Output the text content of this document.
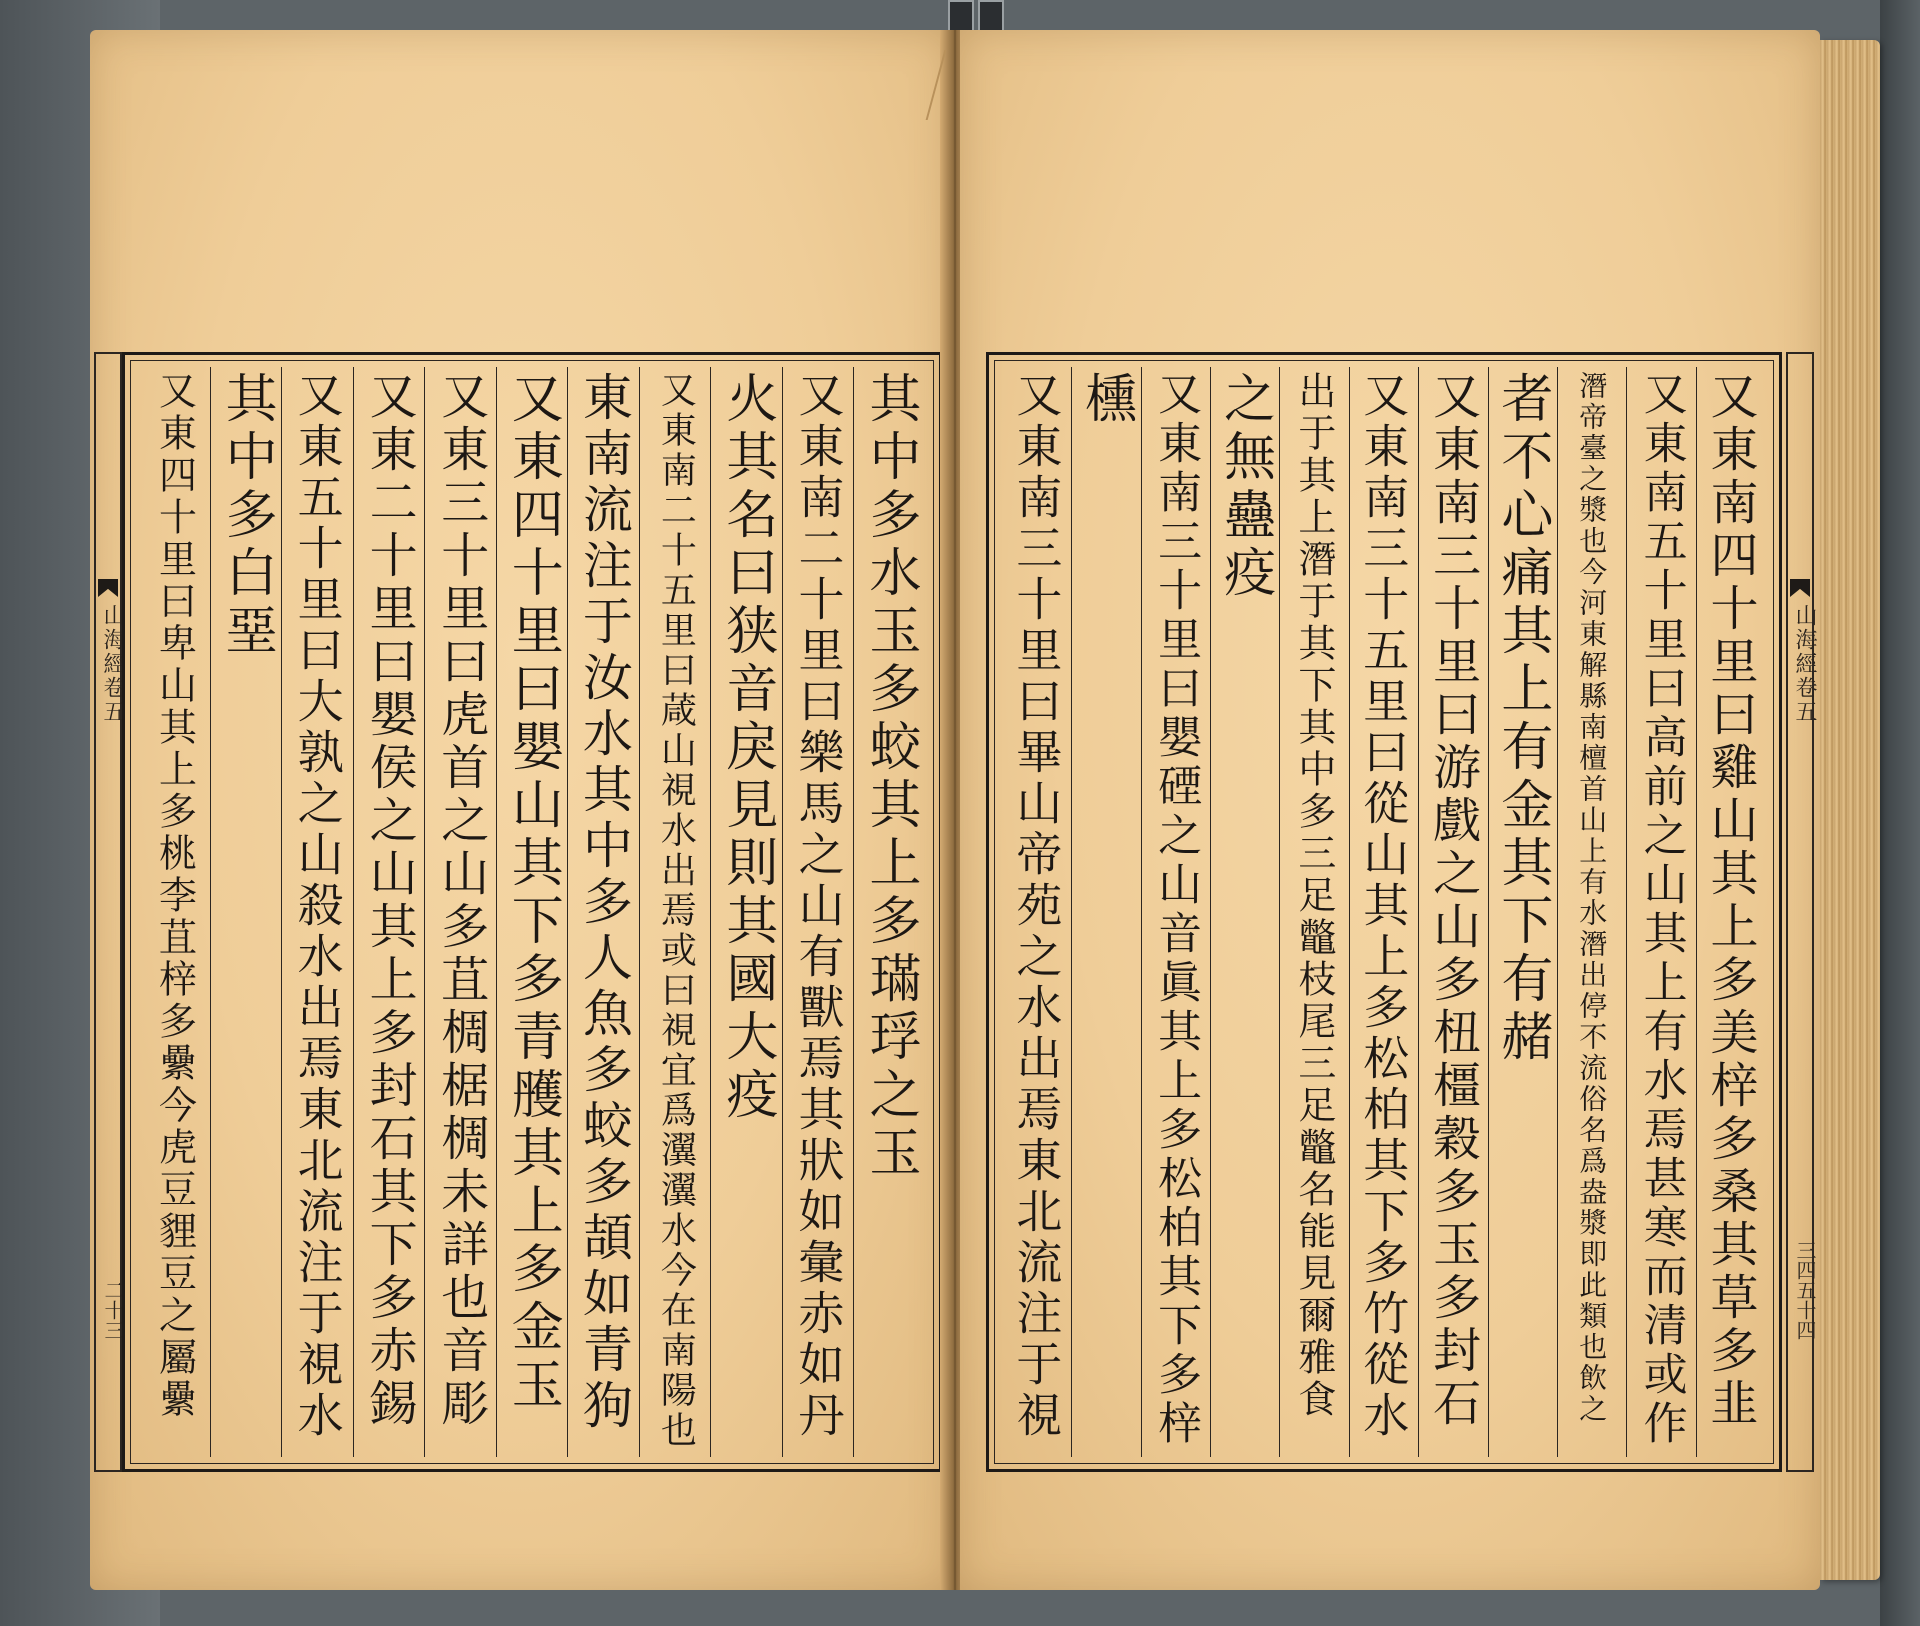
山海經卷五
二十三
其中多水玉多蛟其上多璊琈之玉
又東南二十里曰樂馬之山有獸焉其狀如彙赤如丹
火其名曰狭音戾見則其國大疫
又東南二十五里曰葴山視水出焉或曰視宜爲瀷瀷水今在南陽也
東南流注于汝水其中多人魚多蛟多頡如青狗
又東四十里曰嬰山其下多青雘其上多金玉
又東三十里曰虎首之山多苴椆椐椆未詳也音彫
又東二十里曰嬰侯之山其上多封石其下多赤錫
又東五十里曰大孰之山殺水出焉東北流注于視水
其中多白堊
又東四十里曰卑山其上多桃李苴梓多纍今虎豆貍豆之屬纍	又東南四十里曰雞山其上多美梓多桑其草多韭
又東南五十里曰高前之山其上有水焉甚寒而清或作
潛帝臺之漿也今河東解縣南檀首山上有水潛出停不流俗名爲盎漿即此類也飲之
者不心痛其上有金其下有赭
又東南三十里曰游戲之山多杻橿穀多玉多封石
又東南三十五里曰從山其上多松柏其下多竹從水
出于其上潛于其下其中多三足鼈枝尾三足鼈名能見爾雅食
之無蠱疫
又東南三十里曰嬰䃌之山音眞其上多松柏其下多梓
櫄
又東南三十里曰畢山帝苑之水出焉東北流注于視	山海經卷五
三四五十四
